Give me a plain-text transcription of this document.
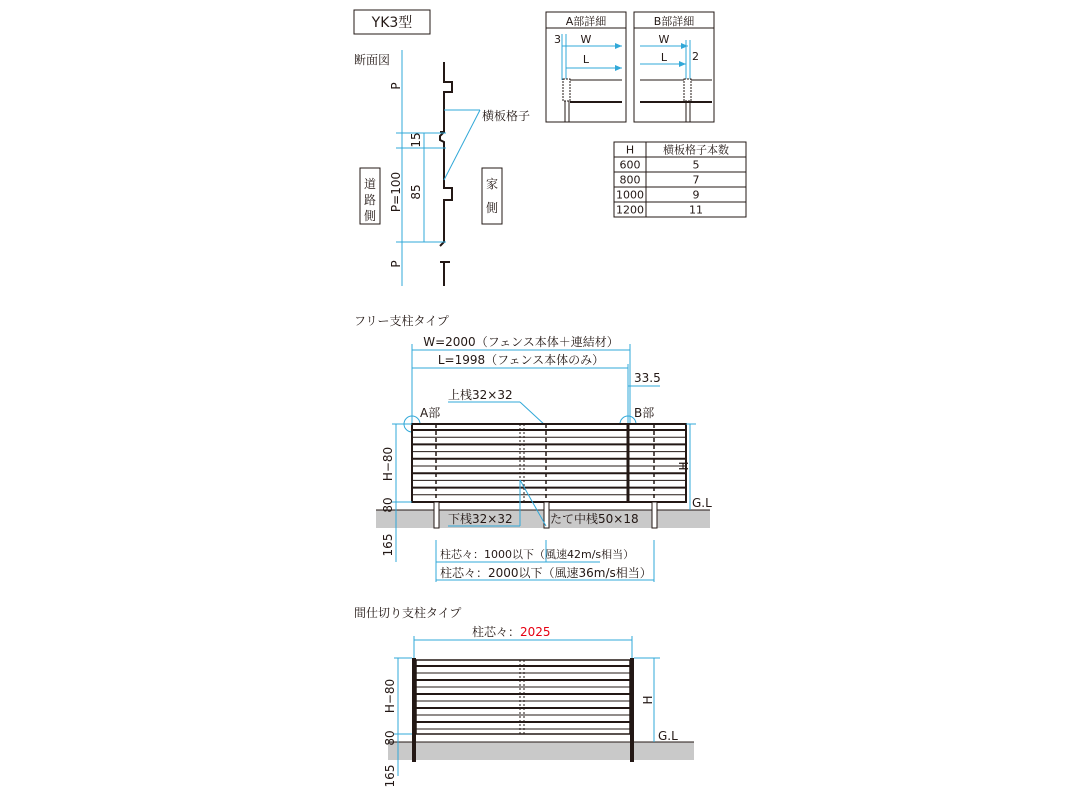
YK3型
断面図
P
15
P=100 85
P
道路側
家側
横板格子
A部詳細
3 W
L
B部詳細
W
L 2
H	横板格子本数
600	5
800	7
1000	9
1200	11
フリー支柱タイプ
W=2000（フェンス本体＋連結材）
L=1998（フェンス本体のみ）
33.5
上桟32×32
A部	B部
H−80
80
165
H
G.L
下桟32×32	たて中桟50×18
柱芯々：1000以下（風速42m/s相当）
柱芯々：2000以下（風速36m/s相当）
間仕切り支柱タイプ
柱芯々： 2025
H−80
80
165
H
G.L
